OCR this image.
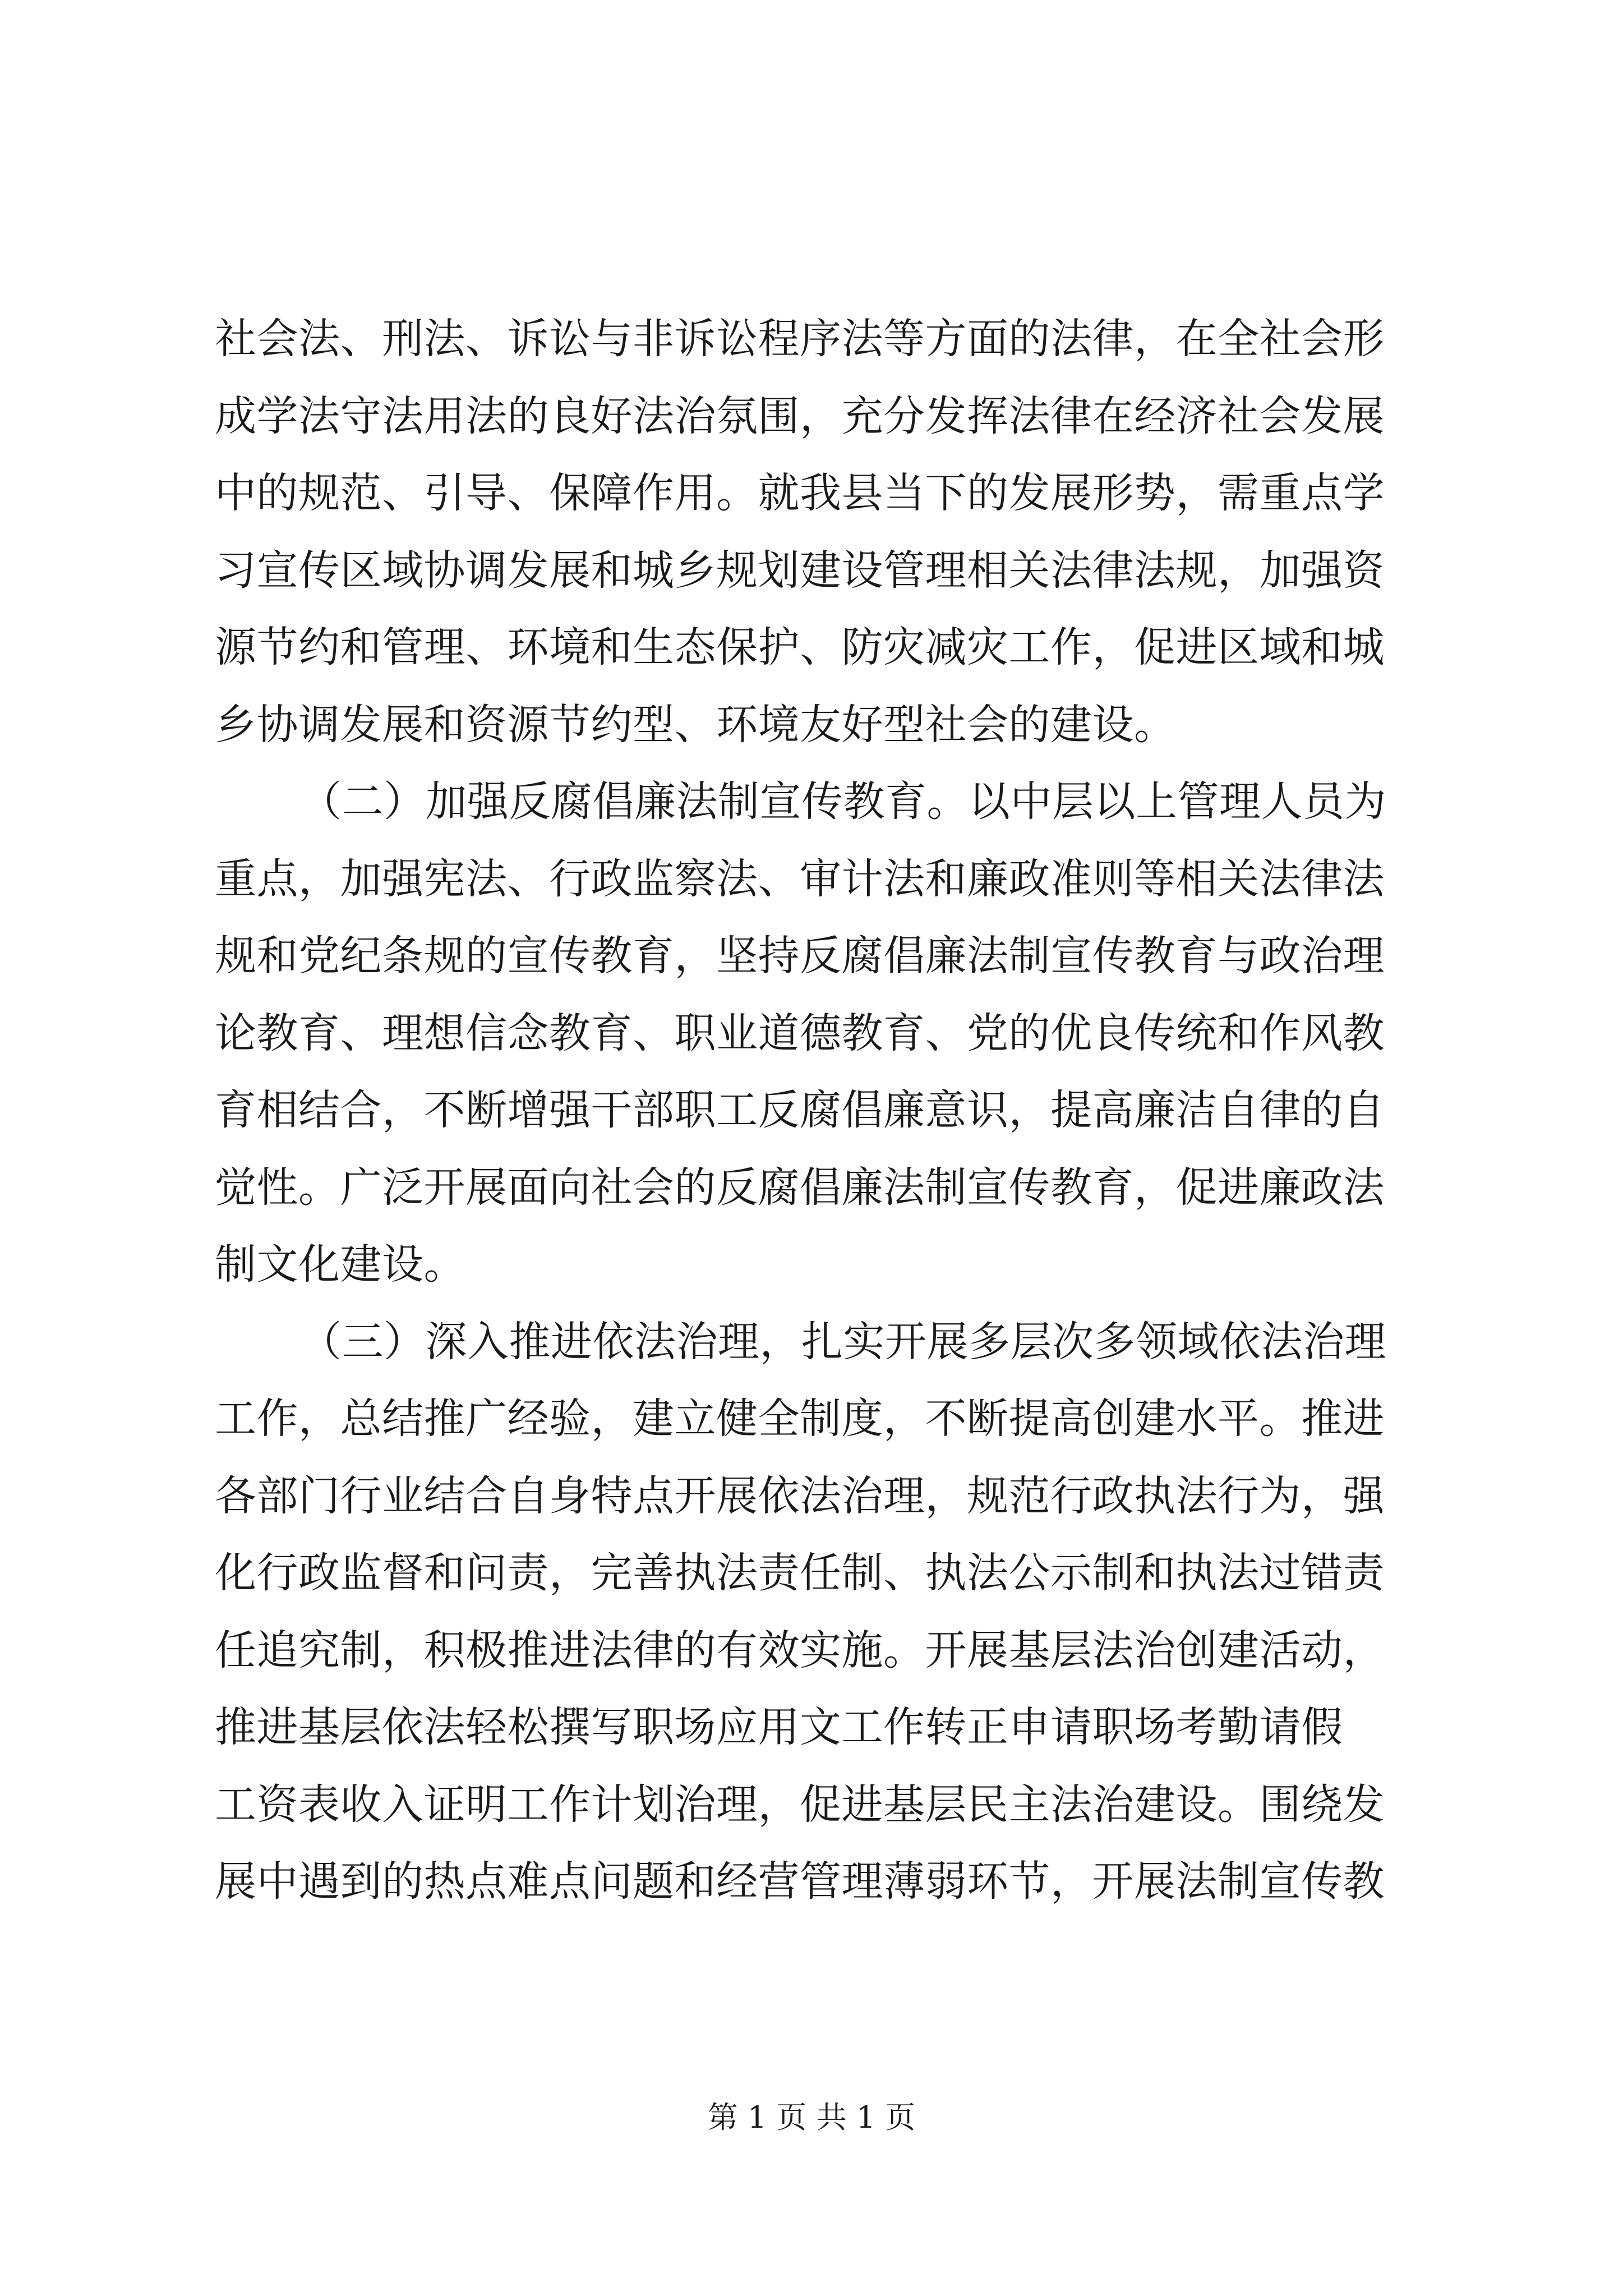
社会法、刑法、诉讼与非诉讼程序法等方面的法律，在全社会形
成学法守法用法的良好法治氛围，充分发挥法律在经济社会发展
中的规范、引导、保障作用。就我县当下的发展形势，需重点学
习宣传区域协调发展和城乡规划建设管理相关法律法规，加强资
源节约和管理、环境和生态保护、防灾减灾工作，促进区域和城
乡协调发展和资源节约型、环境友好型社会的建设。
（二）加强反腐倡廉法制宣传教育。以中层以上管理人员为
重点，加强宪法、行政监察法、审计法和廉政准则等相关法律法
规和党纪条规的宣传教育，坚持反腐倡廉法制宣传教育与政治理
论教育、理想信念教育、职业道德教育、党的优良传统和作风教
育相结合，不断增强干部职工反腐倡廉意识，提高廉洁自律的自
觉性。广泛开展面向社会的反腐倡廉法制宣传教育，促进廉政法
制文化建设。
（三）深入推进依法治理，扎实开展多层次多领域依法治理
工作，总结推广经验，建立健全制度，不断提高创建水平。推进
各部门行业结合自身特点开展依法治理，规范行政执法行为，强
化行政监督和问责，完善执法责任制、执法公示制和执法过错责
任追究制，积极推进法律的有效实施。开展基层法治创建活动，
推进基层依法轻松撰写职场应用文工作转正申请职场考勤请假
工资表收入证明工作计划治理，促进基层民主法治建设。围绕发
展中遇到的热点难点问题和经营管理薄弱环节，开展法制宣传教
第 1 页 共 1 页
